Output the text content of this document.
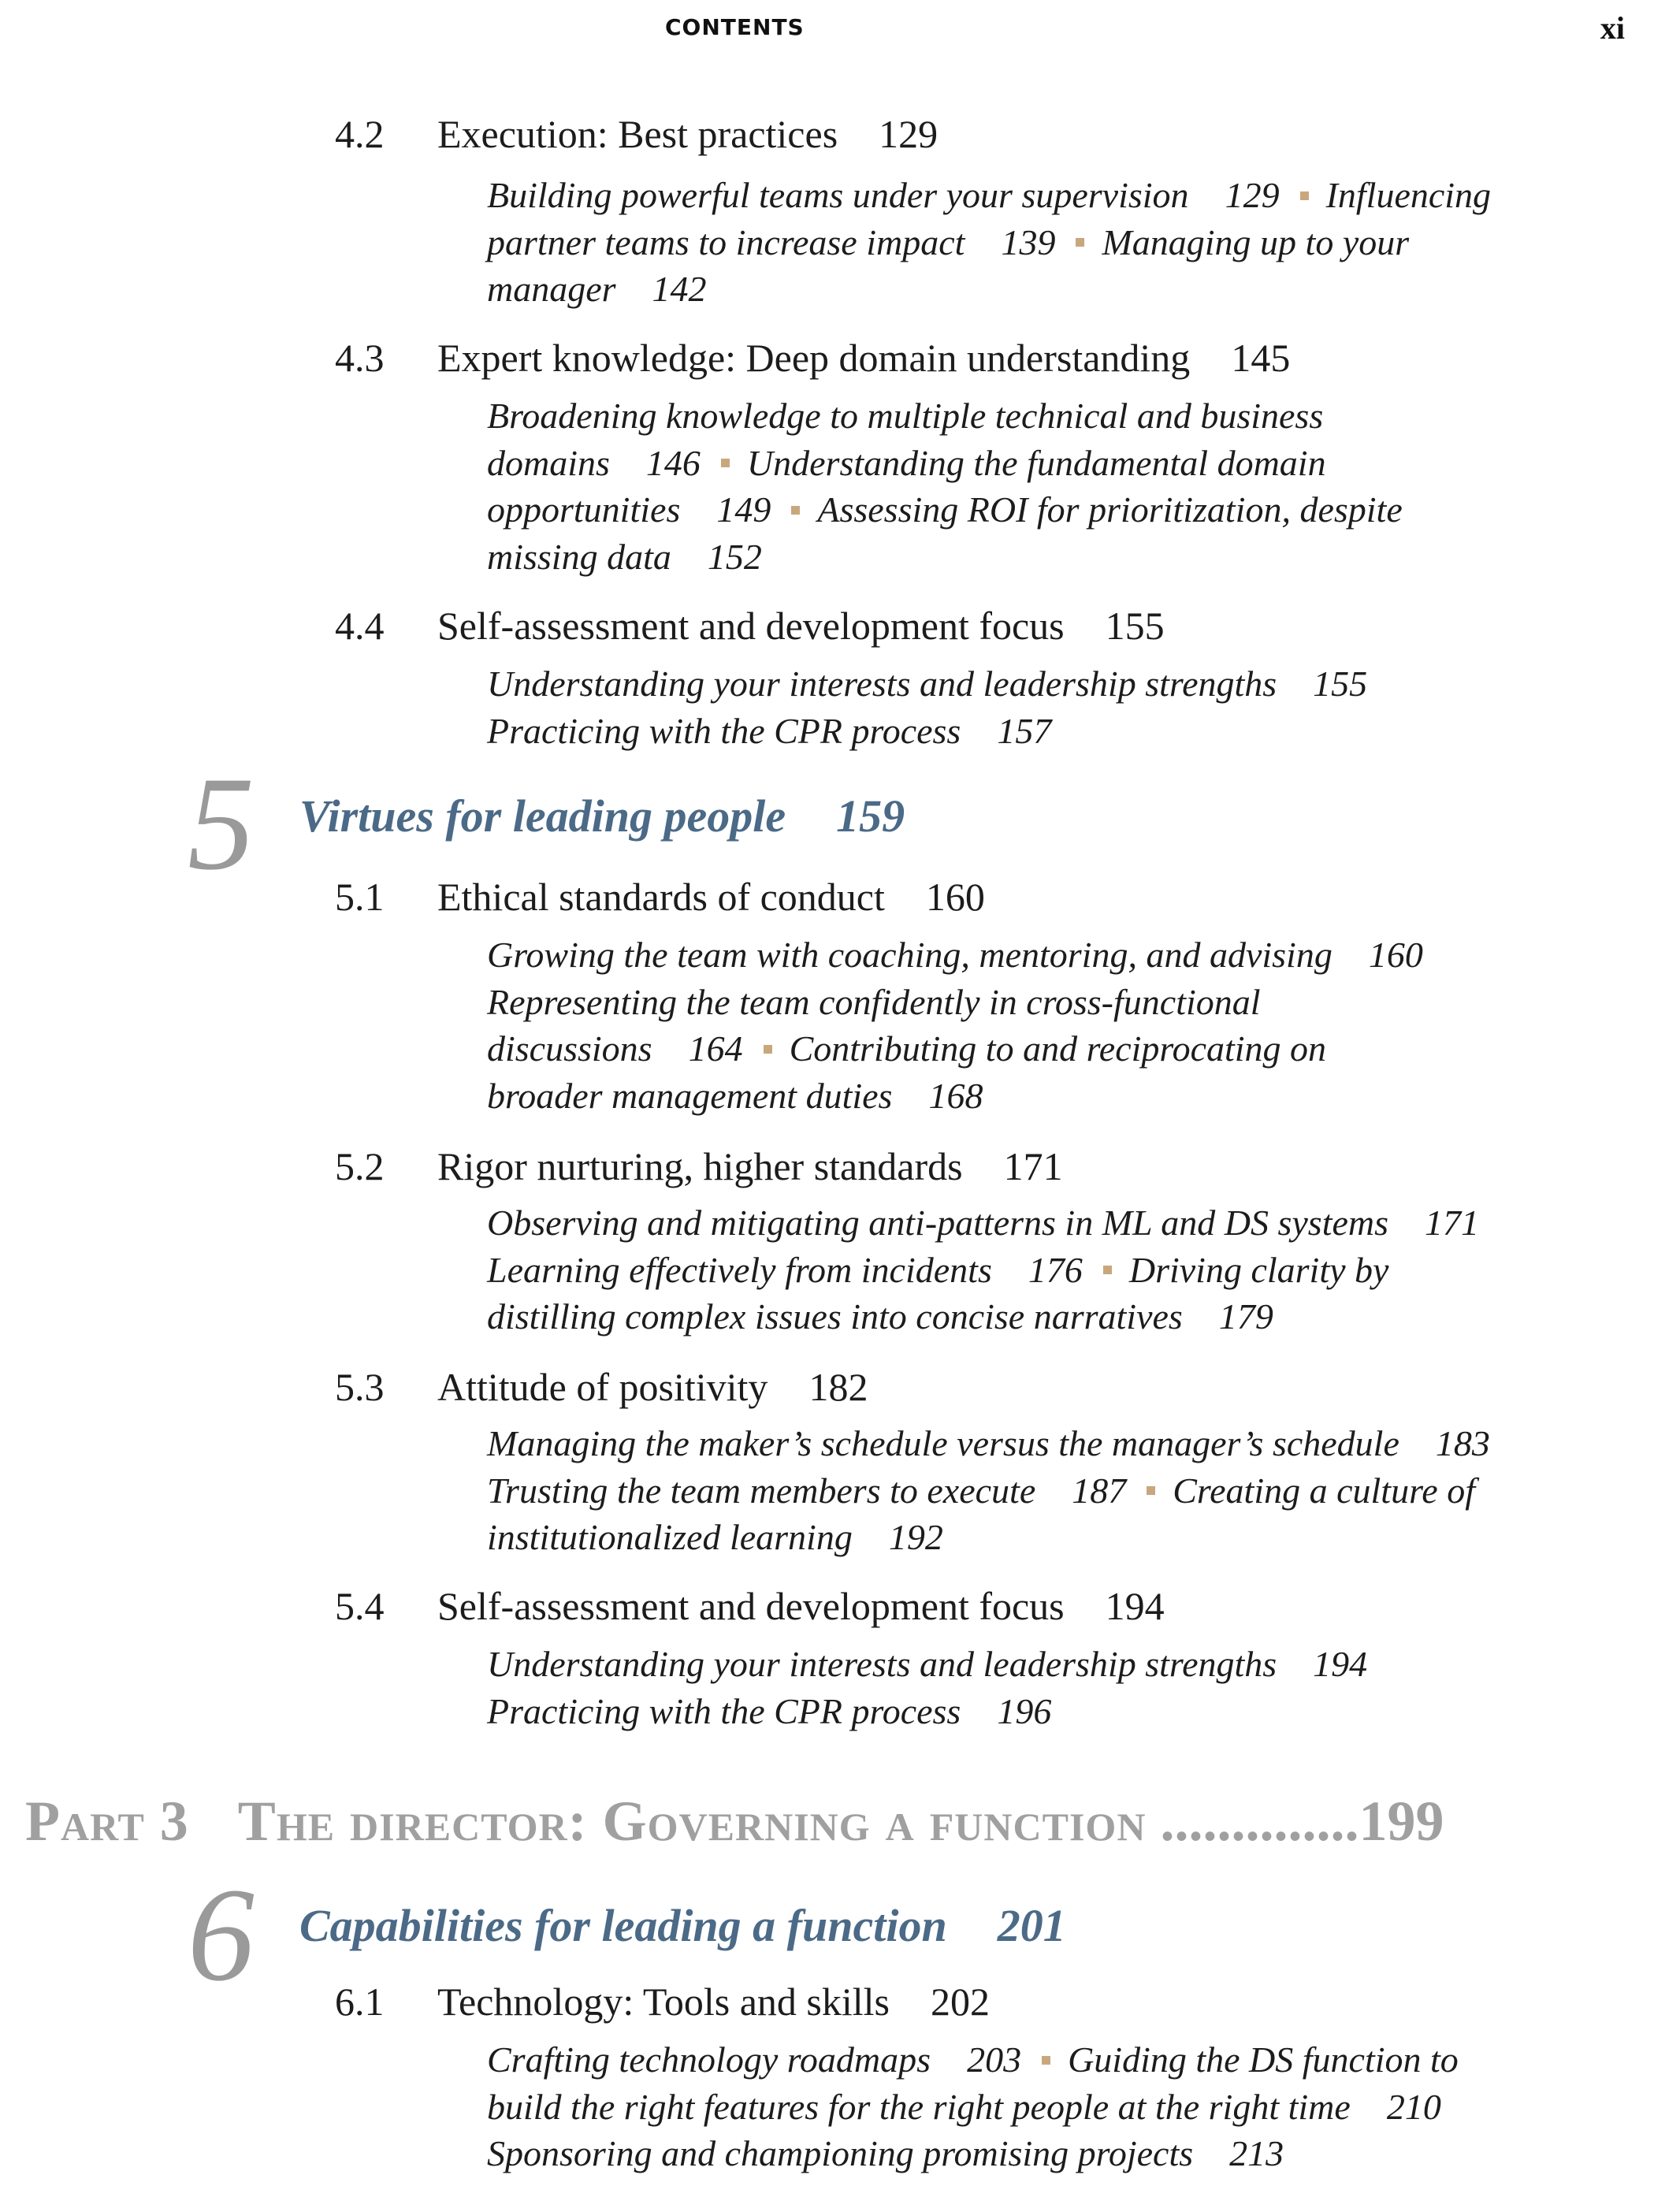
CONTENTS	xi
4.2 Execution: Best practices 129
Building powerful teams under your supervision 129 Influencing
partner teams to increase impact 139 Managing up to your
manager 142
4.3 Expert knowledge: Deep domain understanding 145
Broadening knowledge to multiple technical and business
domains 146 Understanding the fundamental domain
opportunities 149 Assessing ROI for prioritization, despite
missing data 152
4.4 Self-assessment and development focus 155
Understanding your interests and leadership strengths 155
Practicing with the CPR process 157
5 Virtues for leading people 159
5.1 Ethical standards of conduct 160
Growing the team with coaching, mentoring, and advising 160
Representing the team confidently in cross-functional
discussions 164 Contributing to and reciprocating on
broader management duties 168
5.2 Rigor nurturing, higher standards 171
Observing and mitigating anti-patterns in ML and DS systems 171
Learning effectively from incidents 176 Driving clarity by
distilling complex issues into concise narratives 179
5.3 Attitude of positivity 182
Managing the maker’s schedule versus the manager’s schedule 183
Trusting the team members to execute 187 Creating a culture of
institutionalized learning 192
5.4 Self-assessment and development focus 194
Understanding your interests and leadership strengths 194
Practicing with the CPR process 196
Part 3 The director: Governing a function ..............199
6 Capabilities for leading a function 201
6.1 Technology: Tools and skills 202
Crafting technology roadmaps 203 Guiding the DS function to
build the right features for the right people at the right time 210
Sponsoring and championing promising projects 213
